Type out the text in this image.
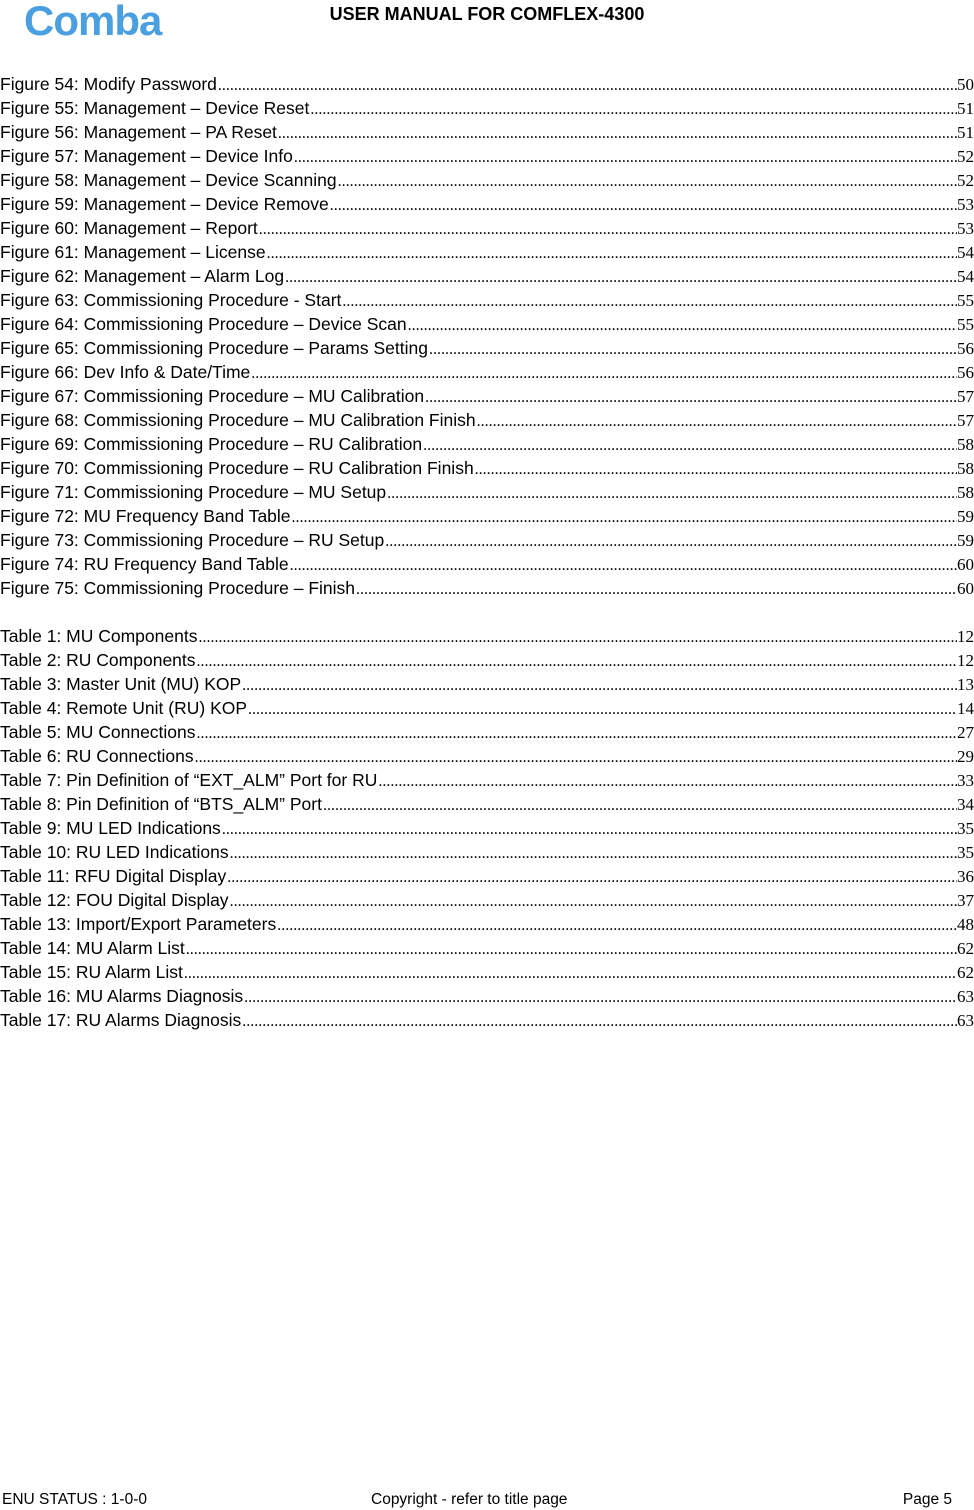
Comba	USER MANUAL FOR COMFLEX-4300
Figure 54: Modify Password .....	50
Figure 55: Management – Device Reset .....	51
Figure 56: Management – PA Reset .....	51
Figure 57: Management – Device Info .....	52
Figure 58: Management – Device Scanning .....	52
Figure 59: Management – Device Remove .....	53
Figure 60: Management – Report .....	53
Figure 61: Management – License .....	54
Figure 62: Management – Alarm Log .....	54
Figure 63: Commissioning Procedure - Start .....	55
Figure 64: Commissioning Procedure – Device Scan .....	55
Figure 65: Commissioning Procedure – Params Setting .....	56
Figure 66: Dev Info & Date/Time .....	56
Figure 67: Commissioning Procedure – MU Calibration .....	57
Figure 68: Commissioning Procedure – MU Calibration Finish .....	57
Figure 69: Commissioning Procedure – RU Calibration .....	58
Figure 70: Commissioning Procedure – RU Calibration Finish .....	58
Figure 71: Commissioning Procedure – MU Setup .....	58
Figure 72: MU Frequency Band Table .....	59
Figure 73: Commissioning Procedure – RU Setup .....	59
Figure 74: RU Frequency Band Table .....	60
Figure 75: Commissioning Procedure – Finish .....	60
Table 1: MU Components .....	12
Table 2: RU Components .....	12
Table 3: Master Unit (MU) KOP .....	13
Table 4: Remote Unit (RU) KOP .....	14
Table 5: MU Connections .....	27
Table 6: RU Connections .....	29
Table 7: Pin Definition of “EXT_ALM” Port for RU .....	33
Table 8: Pin Definition of “BTS_ALM” Port .....	34
Table 9: MU LED Indications .....	35
Table 10: RU LED Indications .....	35
Table 11: RFU Digital Display .....	36
Table 12: FOU Digital Display .....	37
Table 13: Import/Export Parameters .....	48
Table 14: MU Alarm List .....	62
Table 15: RU Alarm List .....	62
Table 16: MU Alarms Diagnosis .....	63
Table 17: RU Alarms Diagnosis .....	63
ENU STATUS : 1-0-0	Copyright - refer to title page	Page 5
